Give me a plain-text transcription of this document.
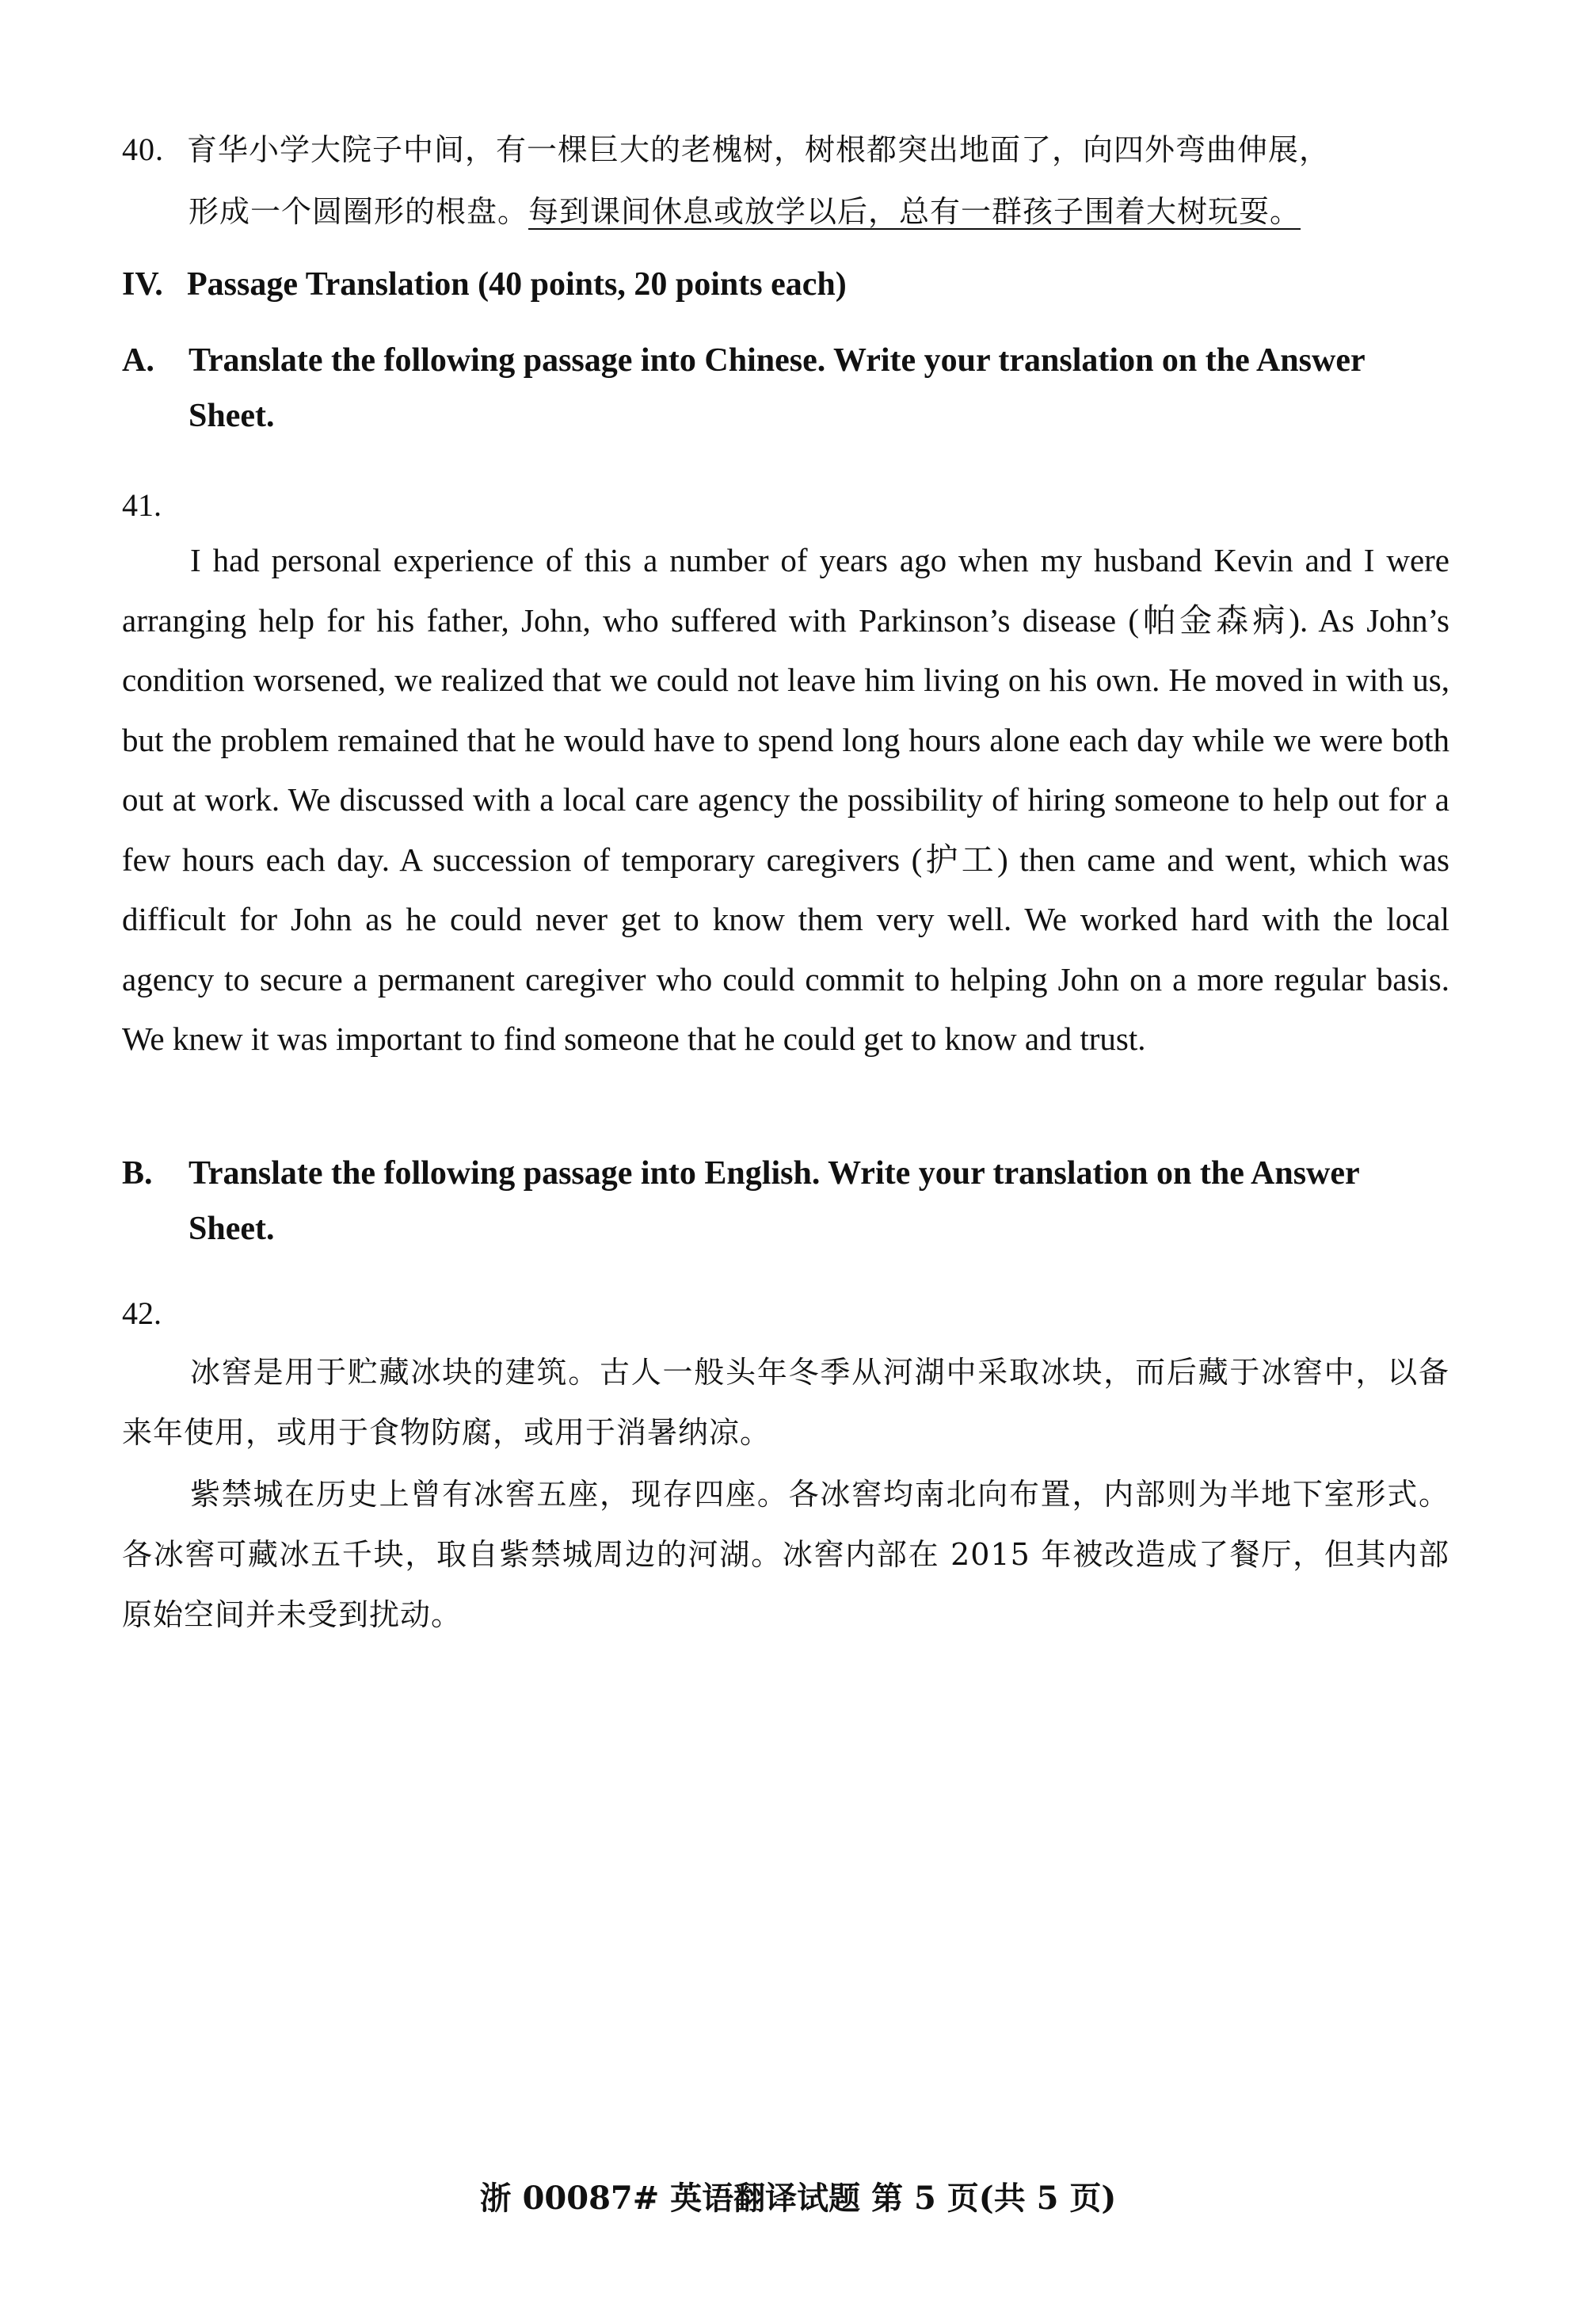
40. 育华小学大院子中间，有一棵巨大的老槐树，树根都突出地面了，向四外弯曲伸展，
形成一个圆圈形的根盘。每到课间休息或放学以后，总有一群孩子围着大树玩耍。
IV. Passage Translation (40 points, 20 points each)
A. Translate the following passage into Chinese. Write your translation on the Answer Sheet.
41.
I had personal experience of this a number of years ago when my husband Kevin and I were arranging help for his father, John, who suffered with Parkinson’s disease (帕金森病). As John’s condition worsened, we realized that we could not leave him living on his own. He moved in with us, but the problem remained that he would have to spend long hours alone each day while we were both out at work. We discussed with a local care agency the possibility of hiring someone to help out for a few hours each day. A succession of temporary caregivers (护工) then came and went, which was difficult for John as he could never get to know them very well. We worked hard with the local agency to secure a permanent caregiver who could commit to helping John on a more regular basis. We knew it was important to find someone that he could get to know and trust.
B. Translate the following passage into English. Write your translation on the Answer Sheet.
42.
冰窖是用于贮藏冰块的建筑。古人一般头年冬季从河湖中采取冰块，而后藏于冰窖中，以备来年使用，或用于食物防腐，或用于消暑纳凉。
紫禁城在历史上曾有冰窖五座，现存四座。各冰窖均南北向布置，内部则为半地下室形式。各冰窖可藏冰五千块，取自紫禁城周边的河湖。冰窖内部在 2015 年被改造成了餐厅，但其内部原始空间并未受到扰动。
浙 00087# 英语翻译试题 第 5 页(共 5 页)
